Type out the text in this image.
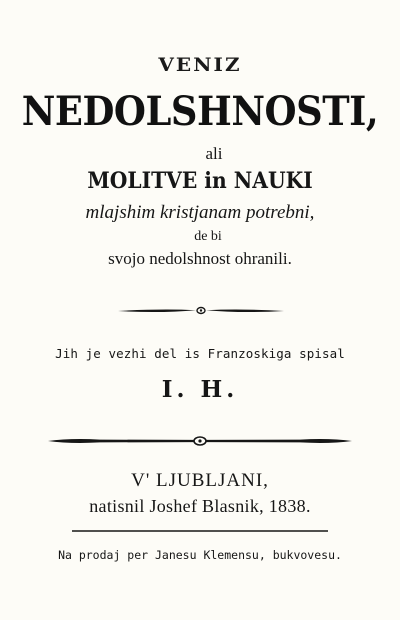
VENIZ
NEDOLSHNOSTI,
ali
MOLITVE in NAUKI
mlajshim kristjanam potrebni,
de bi
svojo nedolshnost ohranili.
Jih je vezhi del is Franzoskiga spisal
I. H.
V' LJUBLJANI,
natisnil Joshef Blasnik, 1838.
Na prodaj per Janesu Klemensu, bukvovesu.
